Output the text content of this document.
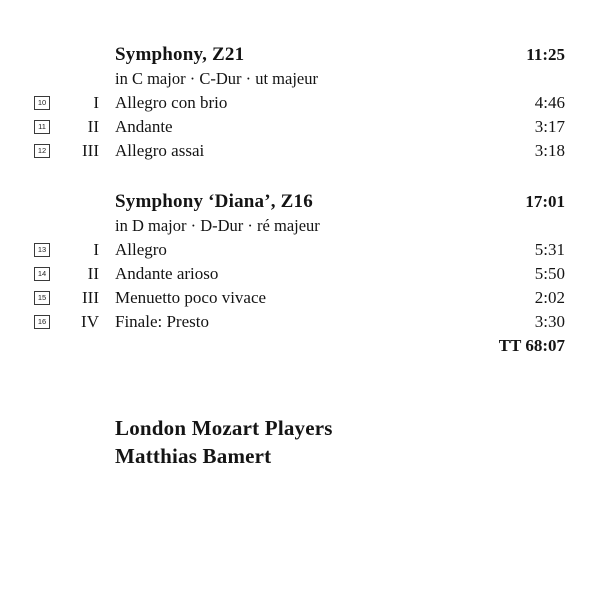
Symphony, Z21	11:25
in C major · C-Dur · ut majeur
10	I Allegro con brio	4:46
11	II Andante	3:17
12	III Allegro assai	3:18
Symphony ‘Diana’, Z16	17:01
in D major · D-Dur · ré majeur
13	I Allegro	5:31
14	II Andante arioso	5:50
15	III Menuetto poco vivace	2:02
16	IV Finale: Presto	3:30
TT 68:07
London Mozart Players
Matthias Bamert
